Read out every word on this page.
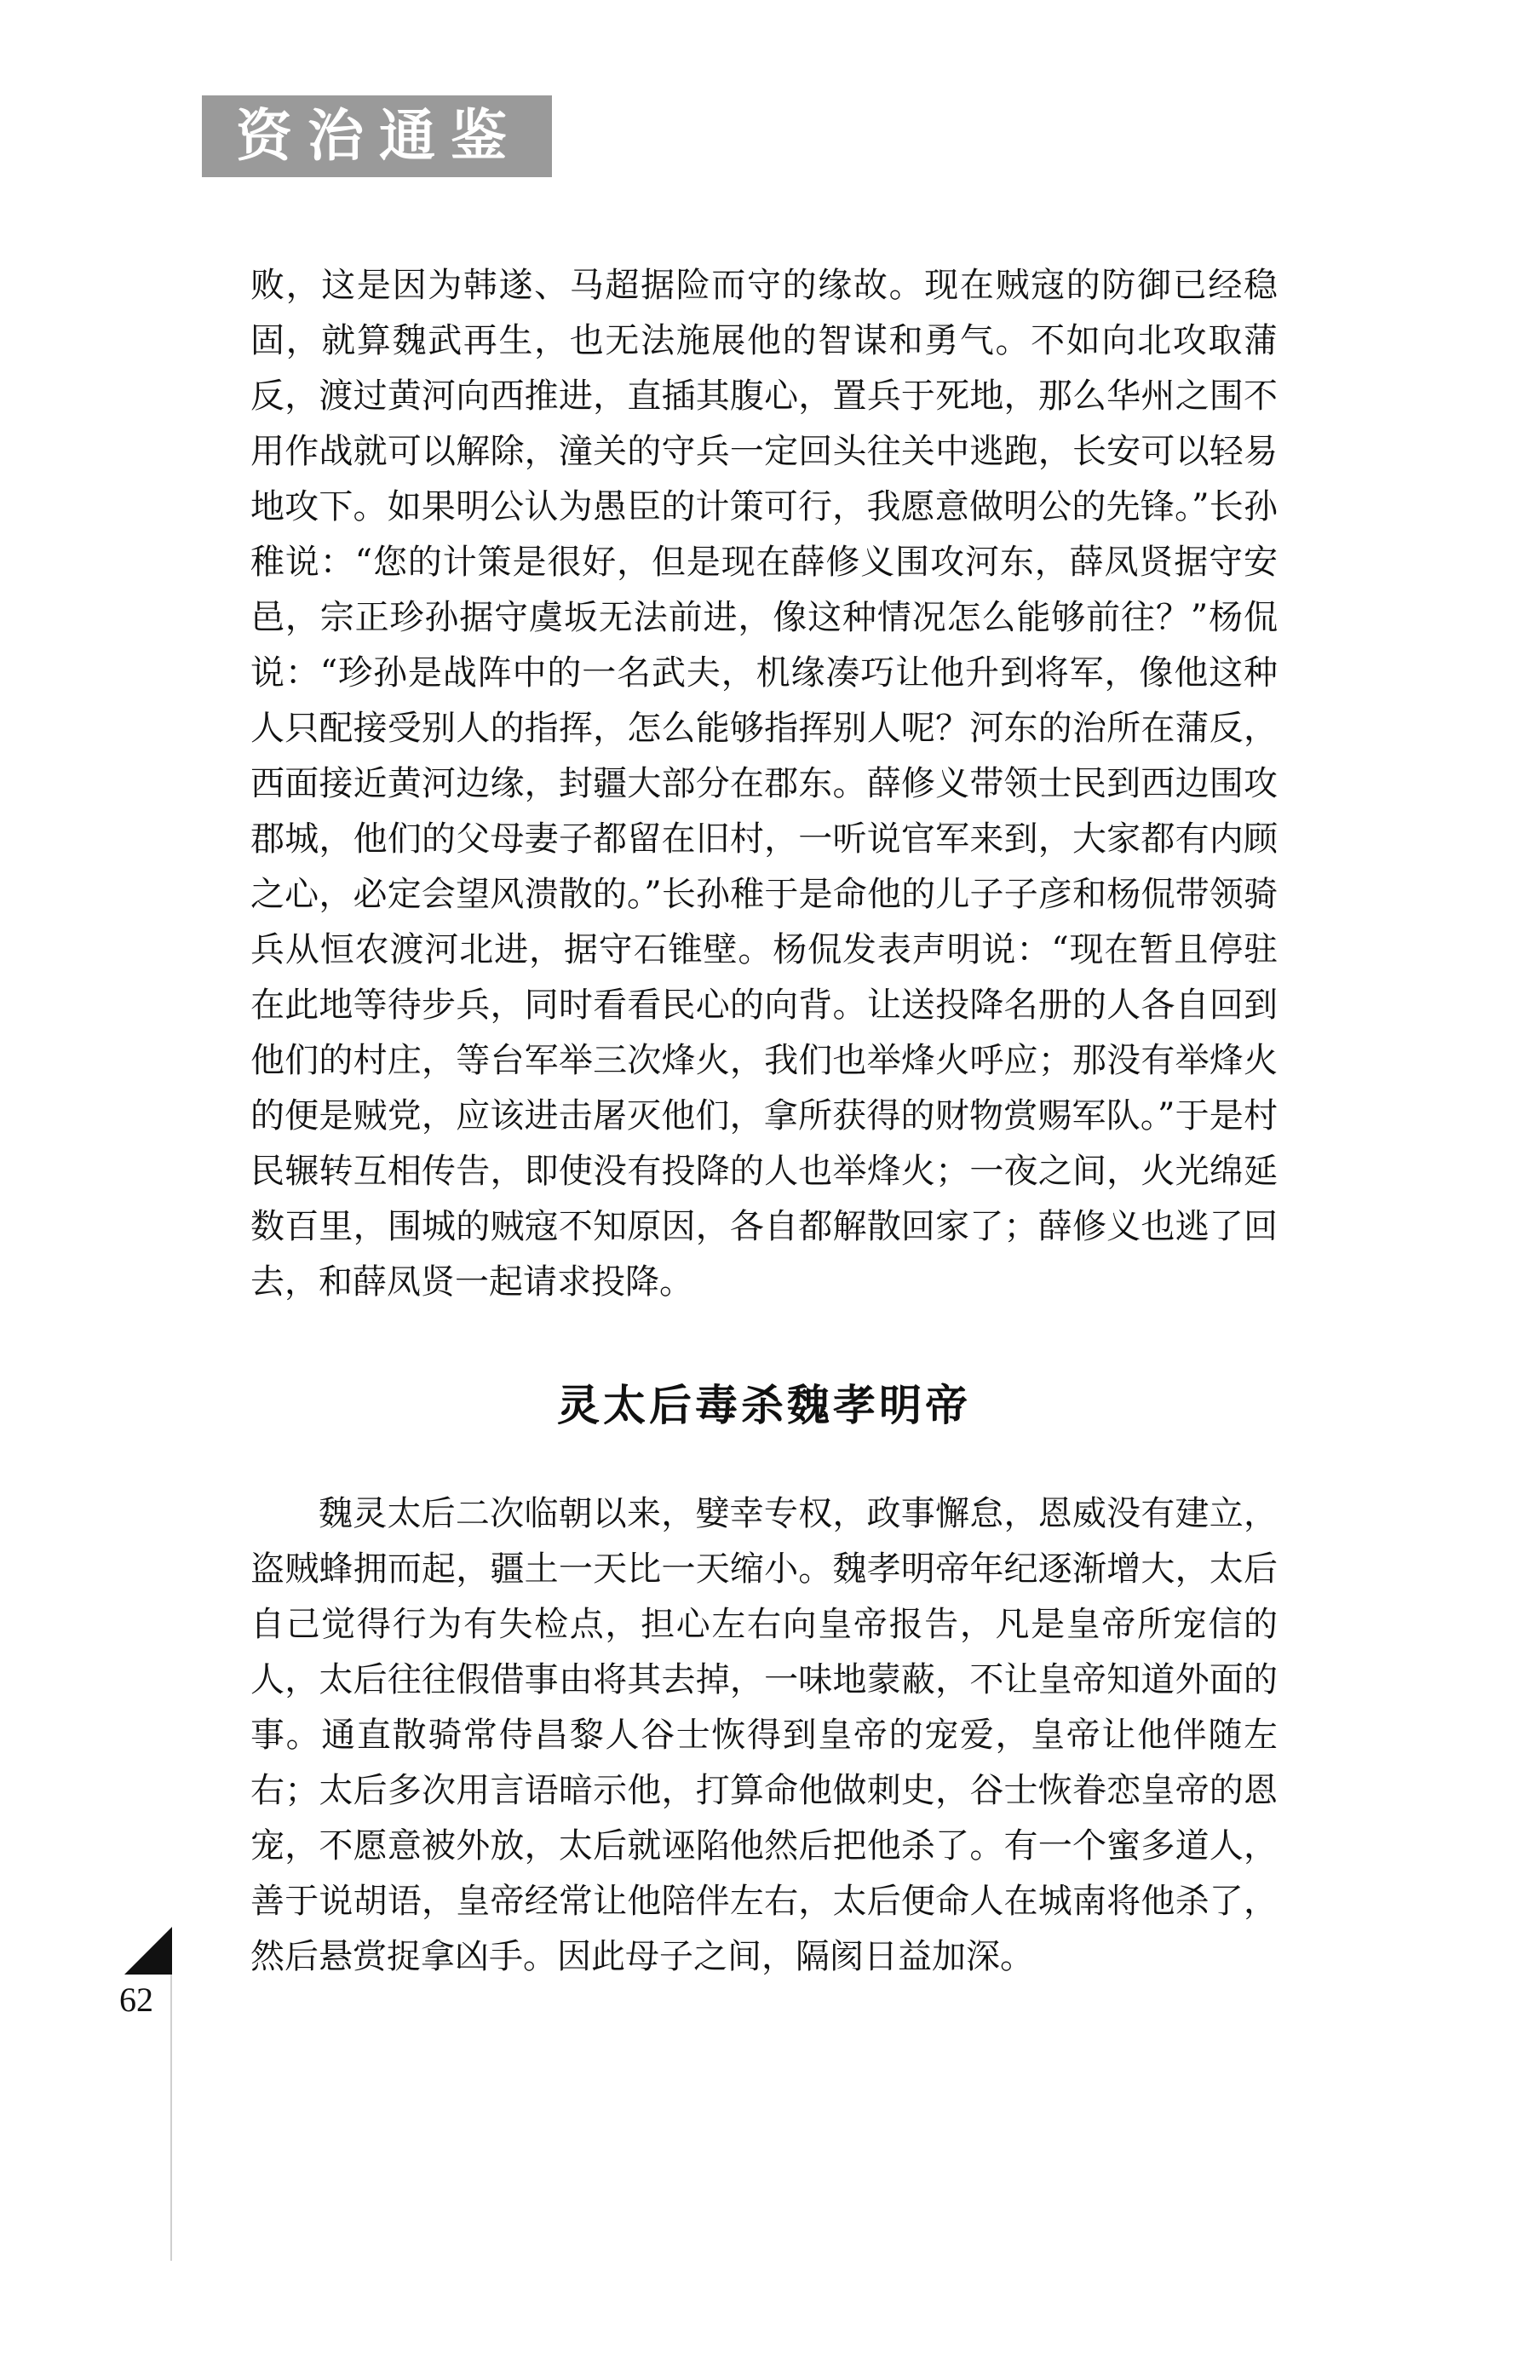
资治通鉴

败，这是因为韩遂、马超据险而守的缘故。现在贼寇的防御已经稳固，就算魏武再生，也无法施展他的智谋和勇气。不如向北攻取蒲反，渡过黄河向西推进，直插其腹心，置兵于死地，那么华州之围不用作战就可以解除，潼关的守兵一定回头往关中逃跑，长安可以轻易地攻下。如果明公认为愚臣的计策可行，我愿意做明公的先锋。”长孙稚说：“您的计策是很好，但是现在薛修义围攻河东，薛凤贤据守安邑，宗正珍孙据守虞坂无法前进，像这种情况怎么能够前往？”杨侃说：“珍孙是战阵中的一名武夫，机缘凑巧让他升到将军，像他这种人只配接受别人的指挥，怎么能够指挥别人呢？河东的治所在蒲反，西面接近黄河边缘，封疆大部分在郡东。薛修义带领士民到西边围攻郡城，他们的父母妻子都留在旧村，一听说官军来到，大家都有内顾之心，必定会望风溃散的。”长孙稚于是命他的儿子子彦和杨侃带领骑兵从恒农渡河北进，据守石锥壁。杨侃发表声明说：“现在暂且停驻在此地等待步兵，同时看看民心的向背。让送投降名册的人各自回到他们的村庄，等台军举三次烽火，我们也举烽火呼应；那没有举烽火的便是贼党，应该进击屠灭他们，拿所获得的财物赏赐军队。”于是村民辗转互相传告，即使没有投降的人也举烽火；一夜之间，火光绵延数百里，围城的贼寇不知原因，各自都解散回家了；薛修义也逃了回去，和薛凤贤一起请求投降。

灵太后毒杀魏孝明帝

魏灵太后二次临朝以来，嬖幸专权，政事懈怠，恩威没有建立，盗贼蜂拥而起，疆土一天比一天缩小。魏孝明帝年纪逐渐增大，太后自己觉得行为有失检点，担心左右向皇帝报告，凡是皇帝所宠信的人，太后往往假借事由将其去掉，一味地蒙蔽，不让皇帝知道外面的事。通直散骑常侍昌黎人谷士恢得到皇帝的宠爱，皇帝让他伴随左右；太后多次用言语暗示他，打算命他做刺史，谷士恢眷恋皇帝的恩宠，不愿意被外放，太后就诬陷他然后把他杀了。有一个蜜多道人，善于说胡语，皇帝经常让他陪伴左右，太后便命人在城南将他杀了，然后悬赏捉拿凶手。因此母子之间，隔阂日益加深。

62
